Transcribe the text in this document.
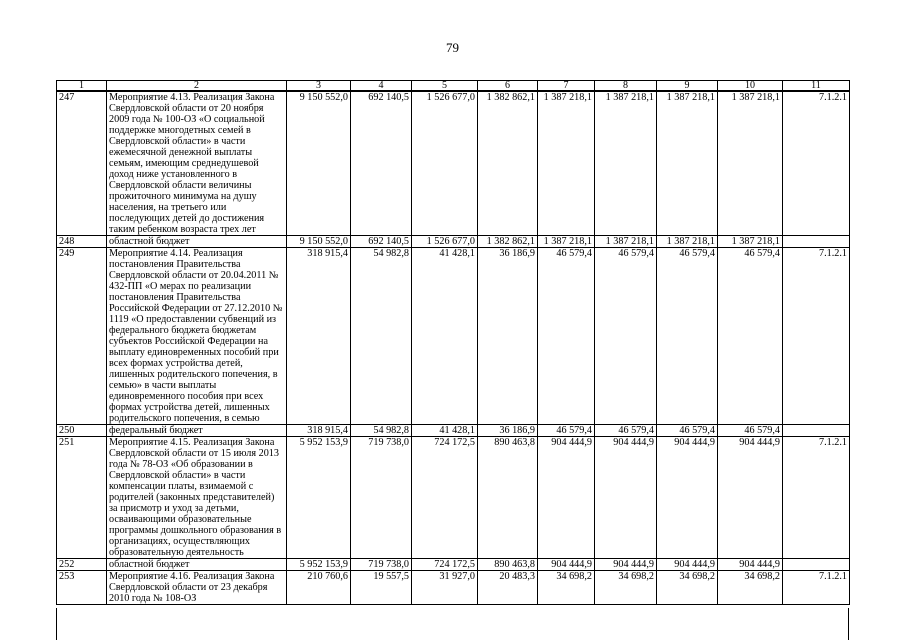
79
1	2	3	4	5	6	7	8	9	10	11
247	Мероприятие 4.13. Реализация Закона Свердловской области от 20 ноября 2009 года № 100-ОЗ «О социальной поддержке многодетных семей в Свердловской области» в части ежемесячной денежной выплаты семьям, имеющим среднедушевой доход ниже установленного в Свердловской области величины прожиточного минимума на душу населения, на третьего или последующих детей до достижения таким ребенком возраста трех лет	9 150 552,0	692 140,5	1 526 677,0	1 382 862,1	1 387 218,1	1 387 218,1	1 387 218,1	1 387 218,1	7.1.2.1
248	областной бюджет	9 150 552,0	692 140,5	1 526 677,0	1 382 862,1	1 387 218,1	1 387 218,1	1 387 218,1	1 387 218,1	
249	Мероприятие 4.14. Реализация постановления Правительства Свердловской области от 20.04.2011 № 432-ПП «О мерах по реализации постановления Правительства Российской Федерации от 27.12.2010 № 1119 «О предоставлении субвенций из федерального бюджета бюджетам субъектов Российской Федерации на выплату единовременных пособий при всех формах устройства детей, лишенных родительского попечения, в семью» в части выплаты единовременного пособия при всех формах устройства детей, лишенных родительского попечения, в семью	318 915,4	54 982,8	41 428,1	36 186,9	46 579,4	46 579,4	46 579,4	46 579,4	7.1.2.1
250	федеральный бюджет	318 915,4	54 982,8	41 428,1	36 186,9	46 579,4	46 579,4	46 579,4	46 579,4	
251	Мероприятие 4.15. Реализация Закона Свердловской области от 15 июля 2013 года № 78-ОЗ «Об образовании в Свердловской области» в части компенсации платы, взимаемой с родителей (законных представителей) за присмотр и уход за детьми, осваивающими образовательные программы дошкольного образования в организациях, осуществляющих образовательную деятельность	5 952 153,9	719 738,0	724 172,5	890 463,8	904 444,9	904 444,9	904 444,9	904 444,9	7.1.2.1
252	областной бюджет	5 952 153,9	719 738,0	724 172,5	890 463,8	904 444,9	904 444,9	904 444,9	904 444,9	
253	Мероприятие 4.16. Реализация Закона Свердловской области от 23 декабря 2010 года № 108-ОЗ	210 760,6	19 557,5	31 927,0	20 483,3	34 698,2	34 698,2	34 698,2	34 698,2	7.1.2.1
